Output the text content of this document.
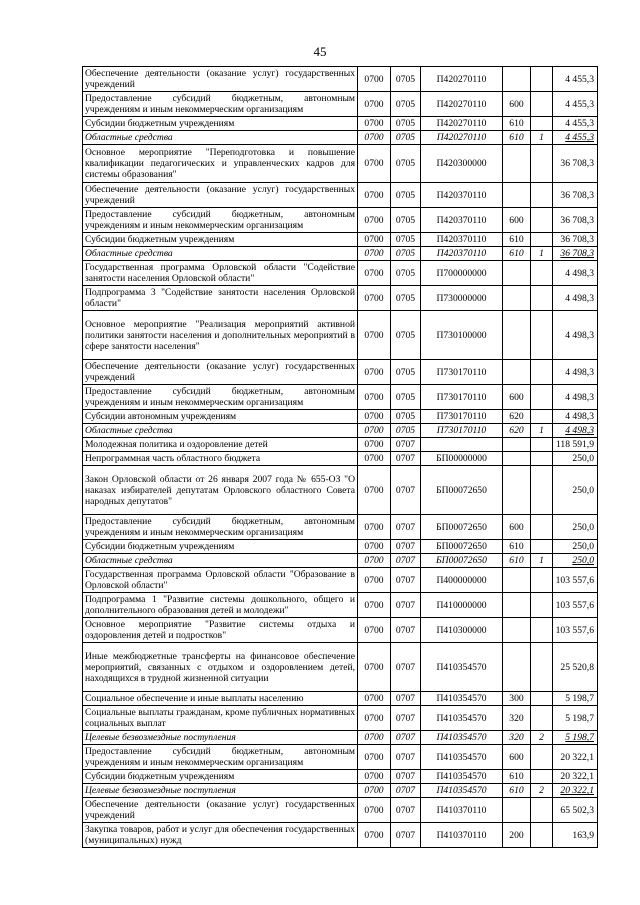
45
Обеспечение деятельности (оказание услуг) государственных учреждений	0700	0705	П420270110			4 455,3
Предоставление субсидий бюджетным, автономным учреждениям и иным некоммерческим организациям	0700	0705	П420270110	600		4 455,3
Субсидии бюджетным учреждениям	0700	0705	П420270110	610		4 455,3
Областные средства	0700	0705	П420270110	610	1	4 455,3
Основное мероприятие "Переподготовка и повышение квалификации педагогических и управленческих кадров для системы образования"	0700	0705	П420300000			36 708,3
Обеспечение деятельности (оказание услуг) государственных учреждений	0700	0705	П420370110			36 708,3
Предоставление субсидий бюджетным, автономным учреждениям и иным некоммерческим организациям	0700	0705	П420370110	600		36 708,3
Субсидии бюджетным учреждениям	0700	0705	П420370110	610		36 708,3
Областные средства	0700	0705	П420370110	610	1	36 708,3
Государственная программа Орловской области "Содействие занятости населения Орловской области"	0700	0705	П700000000			4 498,3
Подпрограмма 3 "Содействие занятости населения Орловской области"	0700	0705	П730000000			4 498,3
Основное мероприятие "Реализация мероприятий активной политики занятости населения и дополнительных мероприятий в сфере занятости населения"	0700	0705	П730100000			4 498,3
Обеспечение деятельности (оказание услуг) государственных учреждений	0700	0705	П730170110			4 498,3
Предоставление субсидий бюджетным, автономным учреждениям и иным некоммерческим организациям	0700	0705	П730170110	600		4 498,3
Субсидии автономным учреждениям	0700	0705	П730170110	620		4 498,3
Областные средства	0700	0705	П730170110	620	1	4 498,3
Молодежная политика и оздоровление детей	0700	0707				118 591,9
Непрограммная часть областного бюджета	0700	0707	БП00000000			250,0
Закон Орловской области от 26 января 2007 года № 655-ОЗ "О наказах избирателей депутатам Орловского областного Совета народных депутатов"	0700	0707	БП00072650			250,0
Предоставление субсидий бюджетным, автономным учреждениям и иным некоммерческим организациям	0700	0707	БП00072650	600		250,0
Субсидии бюджетным учреждениям	0700	0707	БП00072650	610		250,0
Областные средства	0700	0707	БП00072650	610	1	250,0
Государственная программа Орловской области "Образование в Орловской области"	0700	0707	П400000000			103 557,6
Подпрограмма 1 "Развитие системы дошкольного, общего и дополнительного образования детей и молодежи"	0700	0707	П410000000			103 557,6
Основное мероприятие "Развитие системы отдыха и оздоровления детей и подростков"	0700	0707	П410300000			103 557,6
Иные межбюджетные трансферты на финансовое обеспечение мероприятий, связанных с отдыхом и оздоровлением детей, находящихся в трудной жизненной ситуации	0700	0707	П410354570			25 520,8
Социальное обеспечение и иные выплаты населению	0700	0707	П410354570	300		5 198,7
Социальные выплаты гражданам, кроме публичных нормативных социальных выплат	0700	0707	П410354570	320		5 198,7
Целевые безвозмездные поступления	0700	0707	П410354570	320	2	5 198,7
Предоставление субсидий бюджетным, автономным учреждениям и иным некоммерческим организациям	0700	0707	П410354570	600		20 322,1
Субсидии бюджетным учреждениям	0700	0707	П410354570	610		20 322,1
Целевые безвозмездные поступления	0700	0707	П410354570	610	2	20 322,1
Обеспечение деятельности (оказание услуг) государственных учреждений	0700	0707	П410370110			65 502,3
Закупка товаров, работ и услуг для обеспечения государственных (муниципальных) нужд	0700	0707	П410370110	200		163,9
